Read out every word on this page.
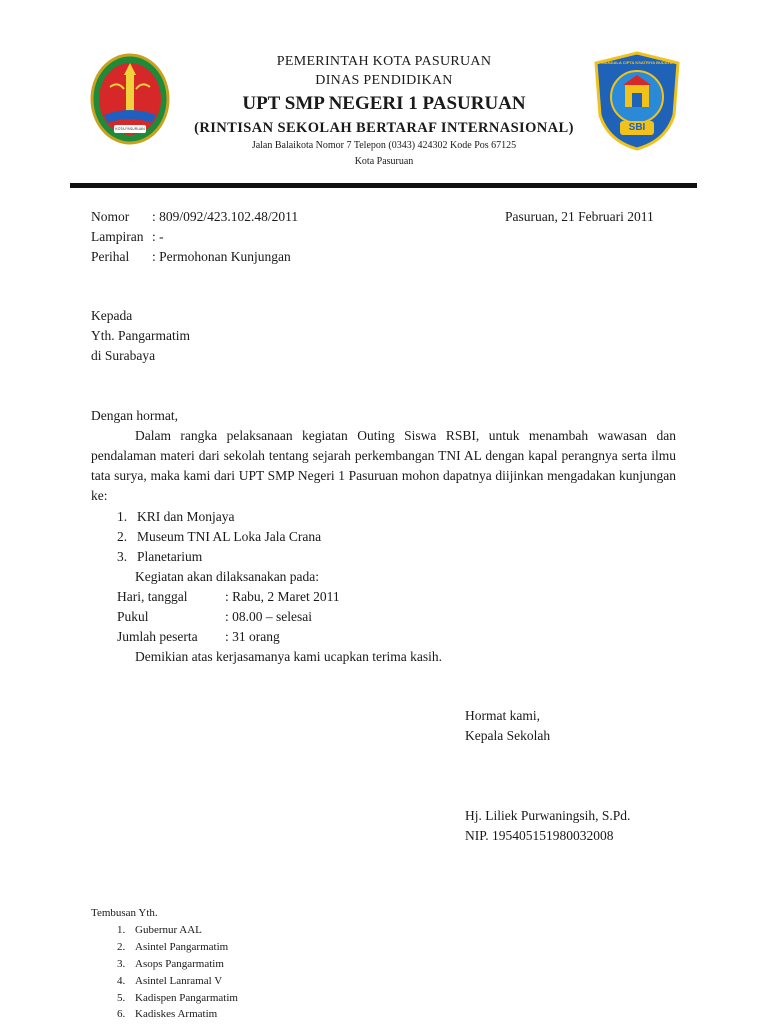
KOTA PASURUAN	SBI
MANDALA CIPTA KSATRIYA BUDAYA
PEMERINTAH KOTA PASURUAN
DINAS PENDIDIKAN
UPT SMP NEGERI 1 PASURUAN
(RINTISAN SEKOLAH BERTARAF INTERNASIONAL)
Jalan Balaikota Nomor 7 Telepon (0343) 424302 Kode Pos 67125
Kota Pasuruan
Nomor : 809/092/423.102.48/2011	Pasuruan, 21 Februari 2011
Lampiran : -
Perihal : Permohonan Kunjungan
Kepada
Yth. Pangarmatim
di Surabaya
Dengan hormat,
Dalam rangka pelaksanaan kegiatan Outing Siswa RSBI, untuk menambah wawasan dan pendalaman materi dari sekolah tentang sejarah perkembangan TNI AL dengan kapal perangnya serta ilmu tata surya, maka kami dari UPT SMP Negeri 1 Pasuruan mohon dapatnya diijinkan mengadakan kunjungan ke:
1. KRI dan Monjaya
2. Museum TNI AL Loka Jala Crana
3. Planetarium
Kegiatan akan dilaksanakan pada:
Hari, tanggal	: Rabu, 2 Maret 2011
Pukul	: 08.00 – selesai
Jumlah peserta : 31 orang
Demikian atas kerjasamanya kami ucapkan terima kasih.
Hormat kami,
Kepala Sekolah
Hj. Liliek Purwaningsih, S.Pd.
NIP. 195405151980032008
Tembusan Yth.
1. Gubernur AAL
2. Asintel Pangarmatim
3. Asops Pangarmatim
4. Asintel Lanramal V
5. Kadispen Pangarmatim
6. Kadiskes Armatim
